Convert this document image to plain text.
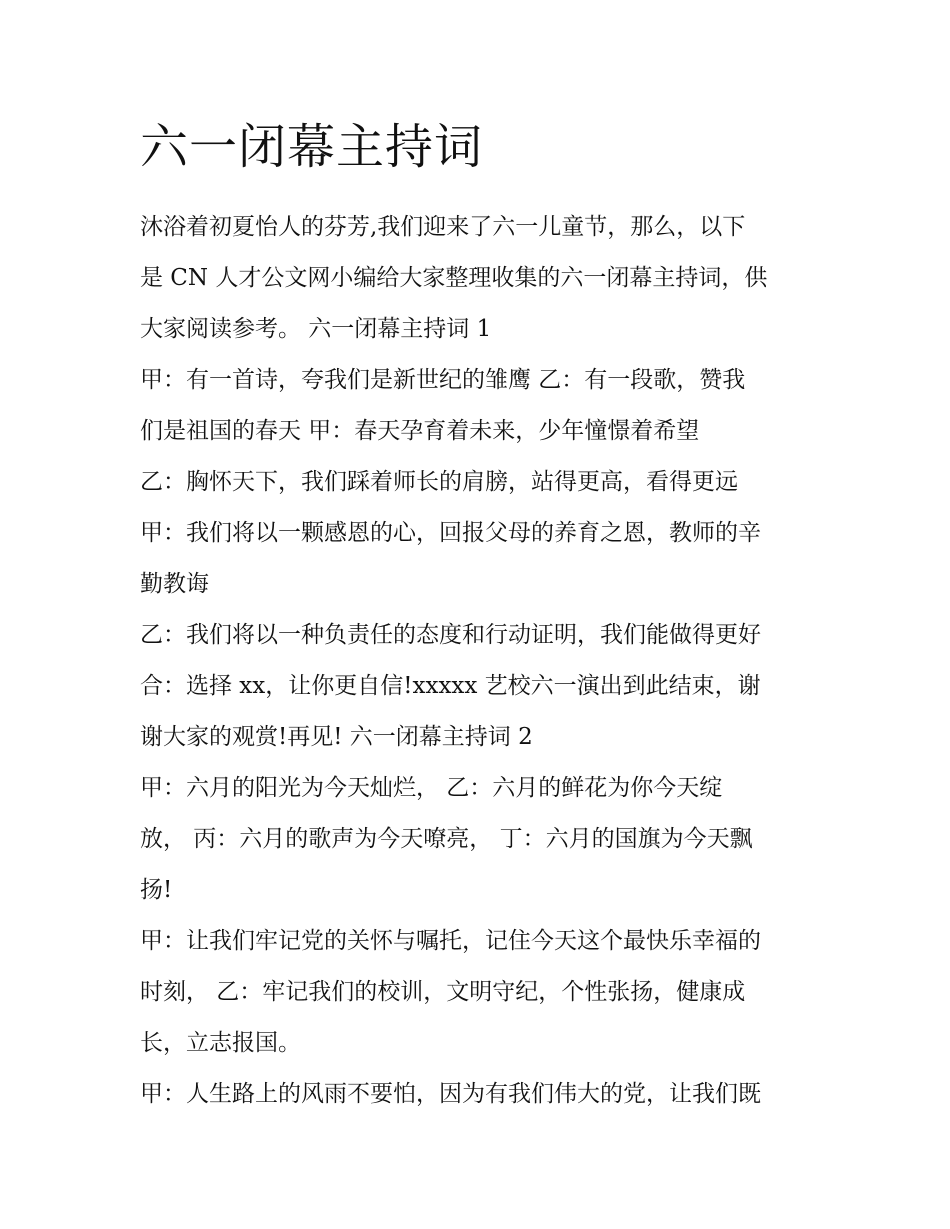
六一闭幕主持词
沐浴着初夏怡人的芬芳,我们迎来了六一儿童节，那么，以下
是 CN 人才公文网小编给大家整理收集的六一闭幕主持词，供
大家阅读参考。 六一闭幕主持词 1
甲：有一首诗，夸我们是新世纪的雏鹰 乙：有一段歌，赞我
们是祖国的春天 甲：春天孕育着未来，少年憧憬着希望
乙：胸怀天下，我们踩着师长的肩膀，站得更高，看得更远
甲：我们将以一颗感恩的心，回报父母的养育之恩，教师的辛
勤教诲
乙：我们将以一种负责任的态度和行动证明，我们能做得更好
合：选择 xx，让你更自信!xxxxx 艺校六一演出到此结束，谢
谢大家的观赏!再见! 六一闭幕主持词 2
甲：六月的阳光为今天灿烂， 乙：六月的鲜花为你今天绽
放， 丙：六月的歌声为今天嘹亮， 丁：六月的国旗为今天飘
扬!
甲：让我们牢记党的关怀与嘱托，记住今天这个最快乐幸福的
时刻， 乙：牢记我们的校训，文明守纪，个性张扬，健康成
长，立志报国。
甲：人生路上的风雨不要怕，因为有我们伟大的党，让我们既
